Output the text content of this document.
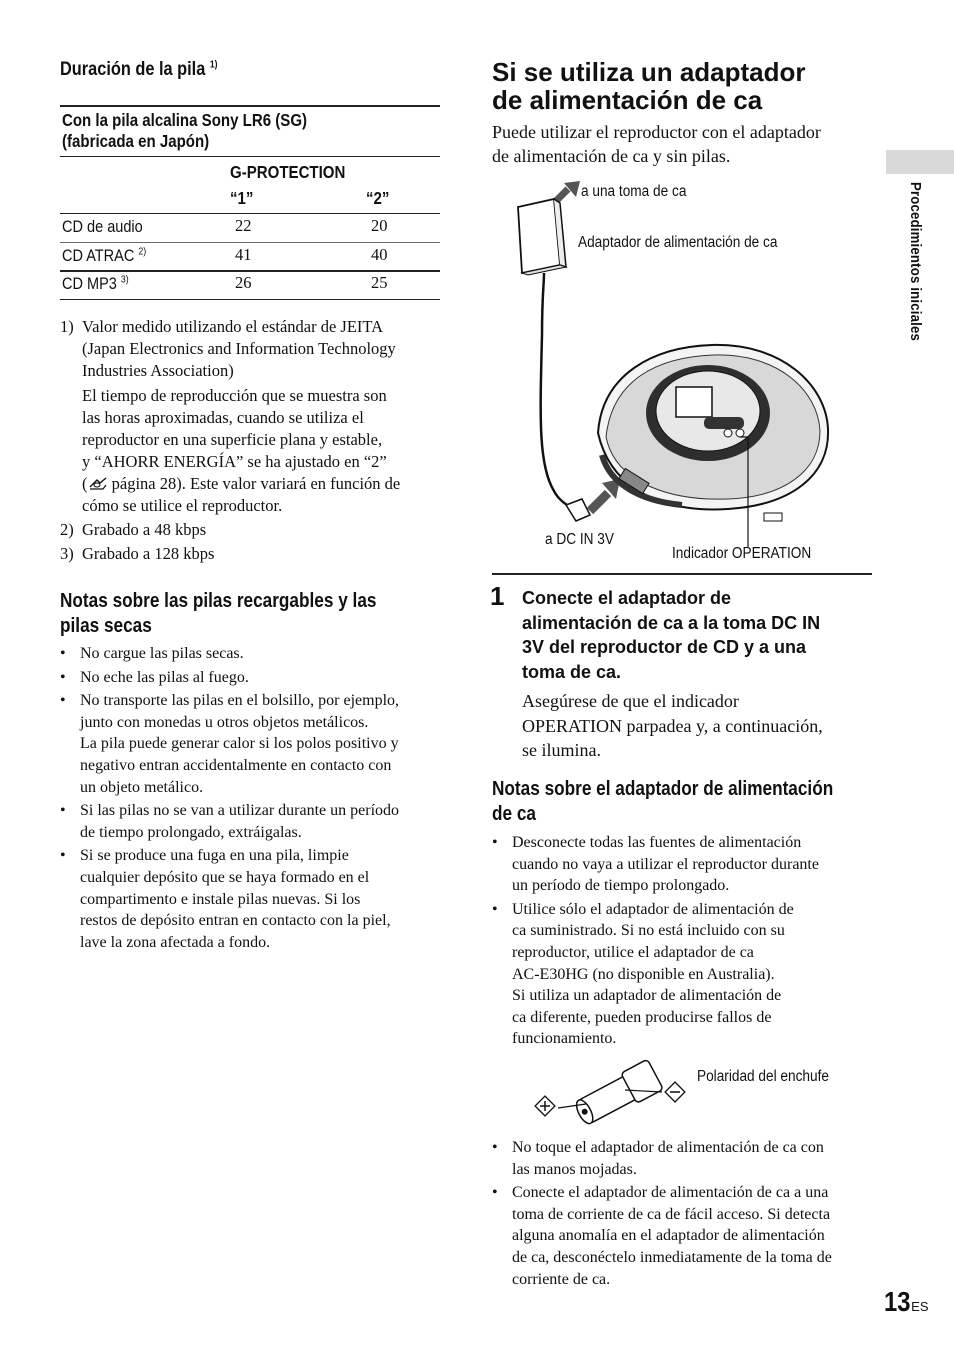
Duración de la pila $^{1)}$
Con la pila alcalina Sony LR6 (SG)
(fabricada en Japón)
G-PROTECTION
“1”	“2”
CD de audio	22	20
CD ATRAC $^{2)}$	41	40
CD MP3 $^{3)}$	26	25
1) Valor medido utilizando el estándar de JEITA
(Japan Electronics and Information Technology
Industries Association)
El tiempo de reproducción que se muestra son
las horas aproximadas, cuando se utiliza el
reproductor en una superficie plana y estable,
y “AHORR ENERGÍA” se ha ajustado en “2”
( página 28). Este valor variará en función de
cómo se utilice el reproductor.
2) Grabado a 48 kbps
3) Grabado a 128 kbps
Notas sobre las pilas recargables y las
pilas secas
• No cargue las pilas secas.
• No eche las pilas al fuego.
• No transporte las pilas en el bolsillo, por ejemplo,
junto con monedas u otros objetos metálicos.
La pila puede generar calor si los polos positivo y
negativo entran accidentalmente en contacto con
un objeto metálico.
• Si las pilas no se van a utilizar durante un período
de tiempo prolongado, extráigalas.
• Si se produce una fuga en una pila, limpie
cualquier depósito que se haya formado en el
compartimento e instale pilas nuevas. Si los
restos de depósito entran en contacto con la piel,
lave la zona afectada a fondo.
Si se utiliza un adaptador
de alimentación de ca
Puede utilizar el reproductor con el adaptador
de alimentación de ca y sin pilas.
a una toma de ca
Adaptador de alimentación de ca
a DC IN 3V
Indicador OPERATION
1 Conecte el adaptador de
alimentación de ca a la toma DC IN
3V del reproductor de CD y a una
toma de ca.
Asegúrese de que el indicador
OPERATION parpadea y, a continuación,
se ilumina.
Notas sobre el adaptador de alimentación
de ca
• Desconecte todas las fuentes de alimentación
cuando no vaya a utilizar el reproductor durante
un período de tiempo prolongado.
• Utilice sólo el adaptador de alimentación de
ca suministrado. Si no está incluido con su
reproductor, utilice el adaptador de ca
AC-E30HG (no disponible en Australia).
Si utiliza un adaptador de alimentación de
ca diferente, pueden producirse fallos de
funcionamiento.
Polaridad del enchufe
• No toque el adaptador de alimentación de ca con
las manos mojadas.
• Conecte el adaptador de alimentación de ca a una
toma de corriente de ca de fácil acceso. Si detecta
alguna anomalía en el adaptador de alimentación
de ca, desconéctelo inmediatamente de la toma de
corriente de ca.
Procedimientos iniciales
13ES
